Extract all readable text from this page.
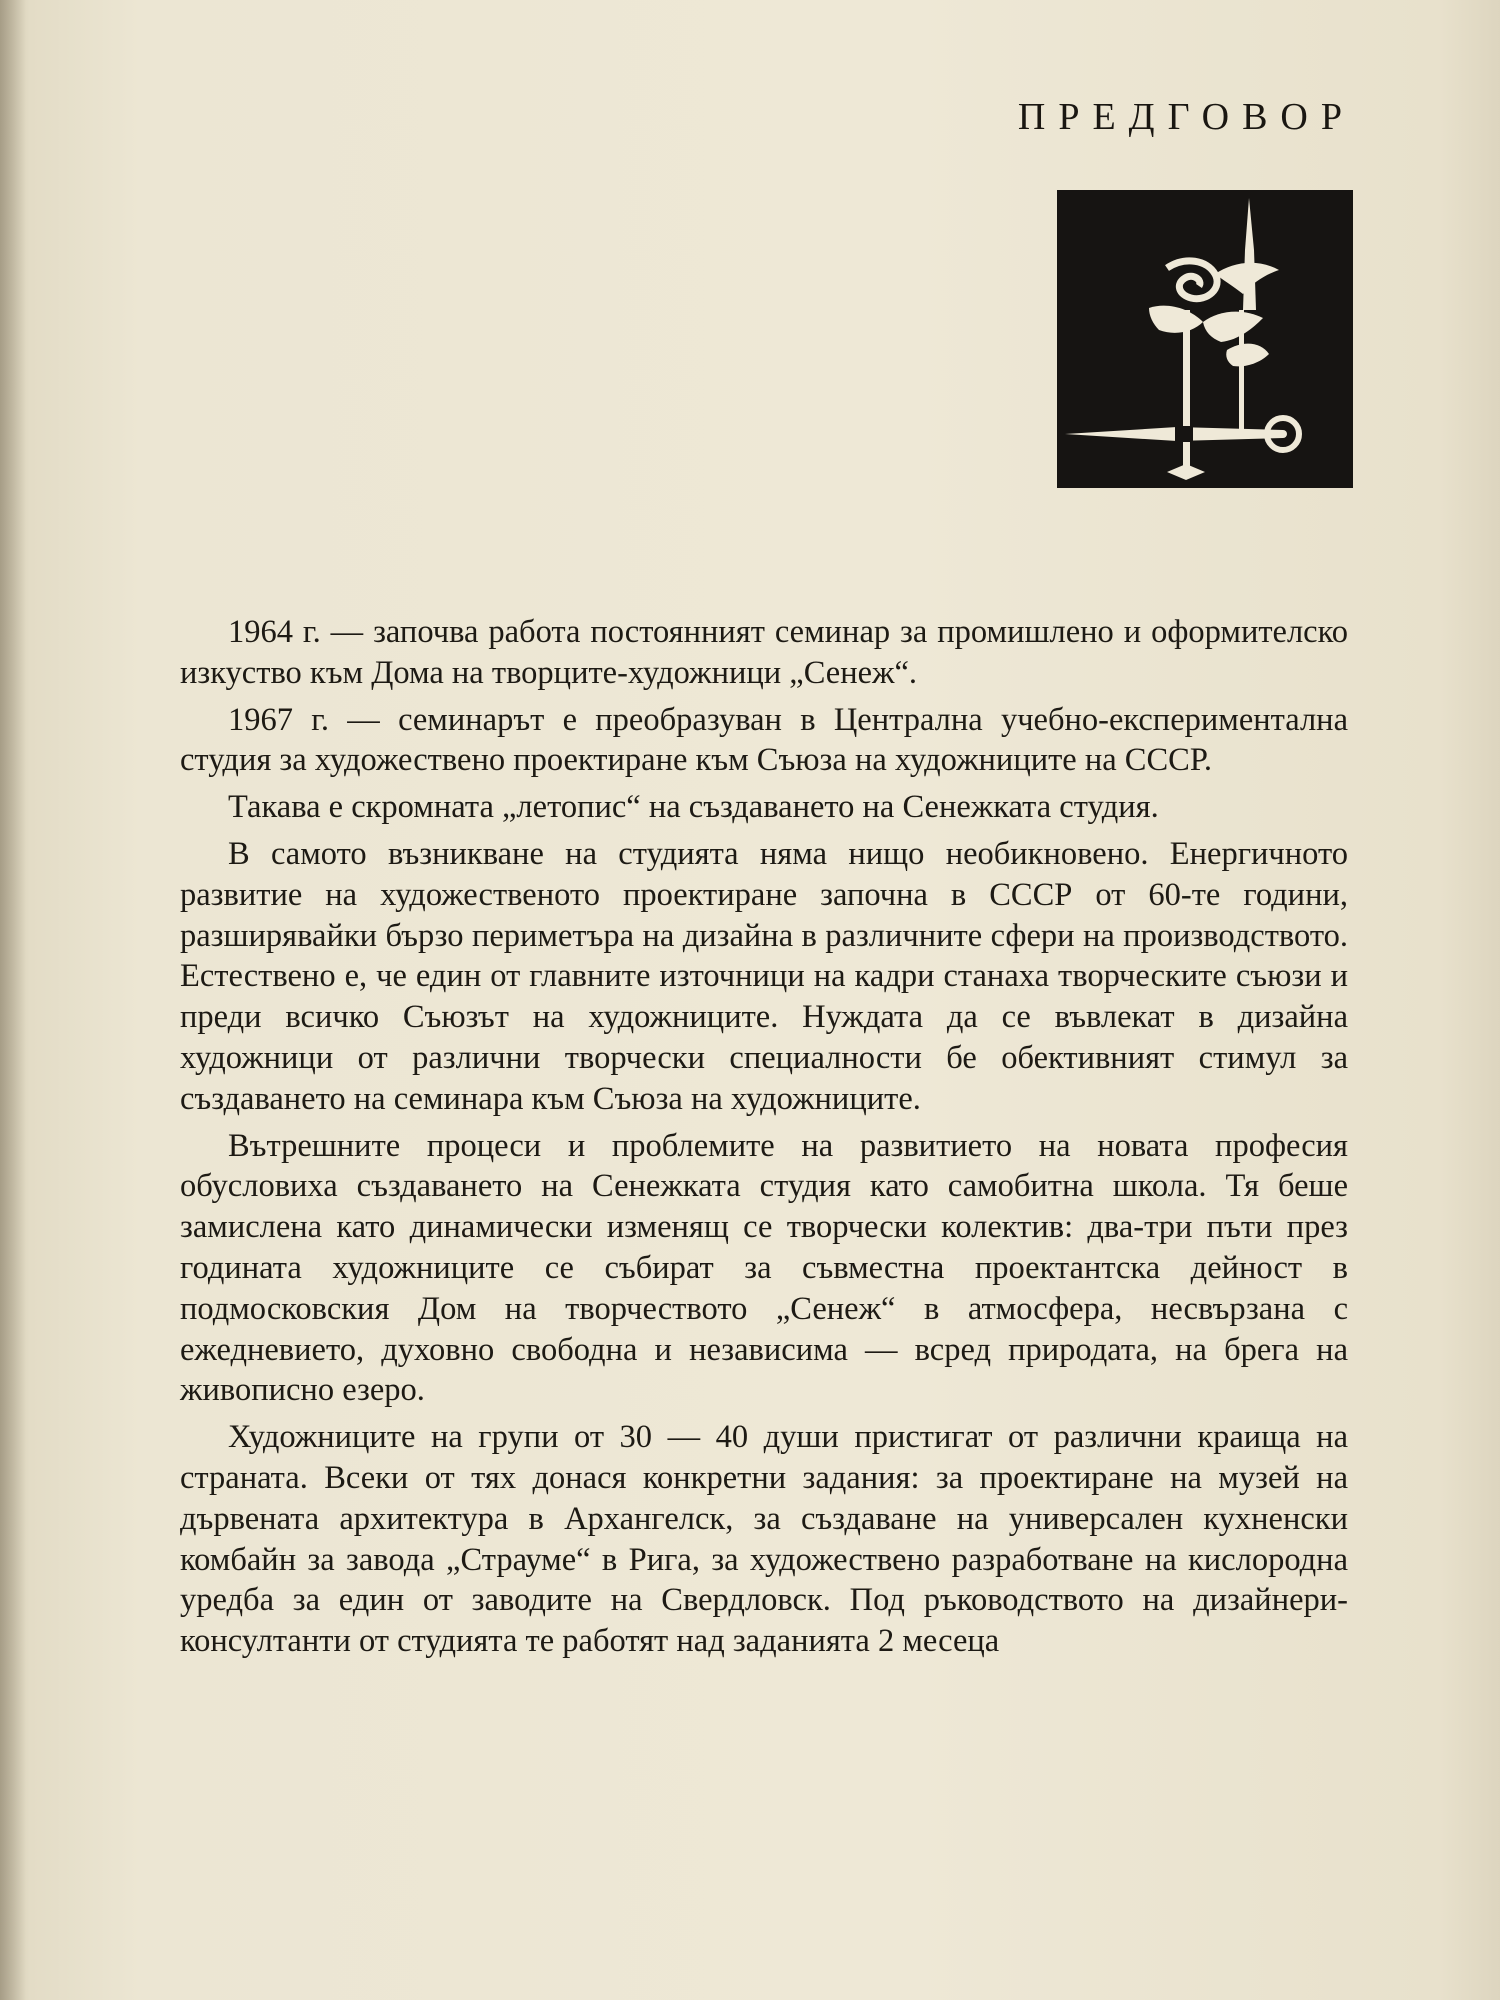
ПРЕДГОВОР

1964 г. — започва работа постоянният семинар за промишлено и оформителско изкуство към Дома на творците-художници „Сенеж“.

1967 г. — семинарът е преобразуван в Централна учебно-експериментална студия за художествено проектиране към Съюза на художниците на СССР.

Такава е скромната „летопис“ на създаването на Сенежката студия.

В самото възникване на студията няма нищо необикновено. Енергичното развитие на художественото проектиране започна в СССР от 60-те години, разширявайки бързо периметъра на дизайна в различните сфери на производството. Естествено е, че един от главните източници на кадри станаха творческите съюзи и преди всичко Съюзът на художниците. Нуждата да се въвлекат в дизайна художници от различни творчески специалности бе обективният стимул за създаването на семинара към Съюза на художниците.

Вътрешните процеси и проблемите на развитието на новата професия обусловиха създаването на Сенежката студия като самобитна школа. Тя беше замислена като динамически изменящ се творчески колектив: два-три пъти през годината художниците се събират за съвместна проектантска дейност в подмосковския Дом на творчеството „Сенеж“ в атмосфера, несвързана с ежедневието, духовно свободна и независима — всред природата, на брега на живописно езеро.

Художниците на групи от 30 — 40 души пристигат от различни краища на страната. Всеки от тях донася конкретни задания: за проектиране на музей на дървената архитектура в Архангелск, за създаване на универсален кухненски комбайн за завода „Страуме“ в Рига, за художествено разработване на кислородна уредба за един от заводите на Свердловск. Под ръководството на дизайнери-консултанти от студията те работят над заданията 2 месеца
